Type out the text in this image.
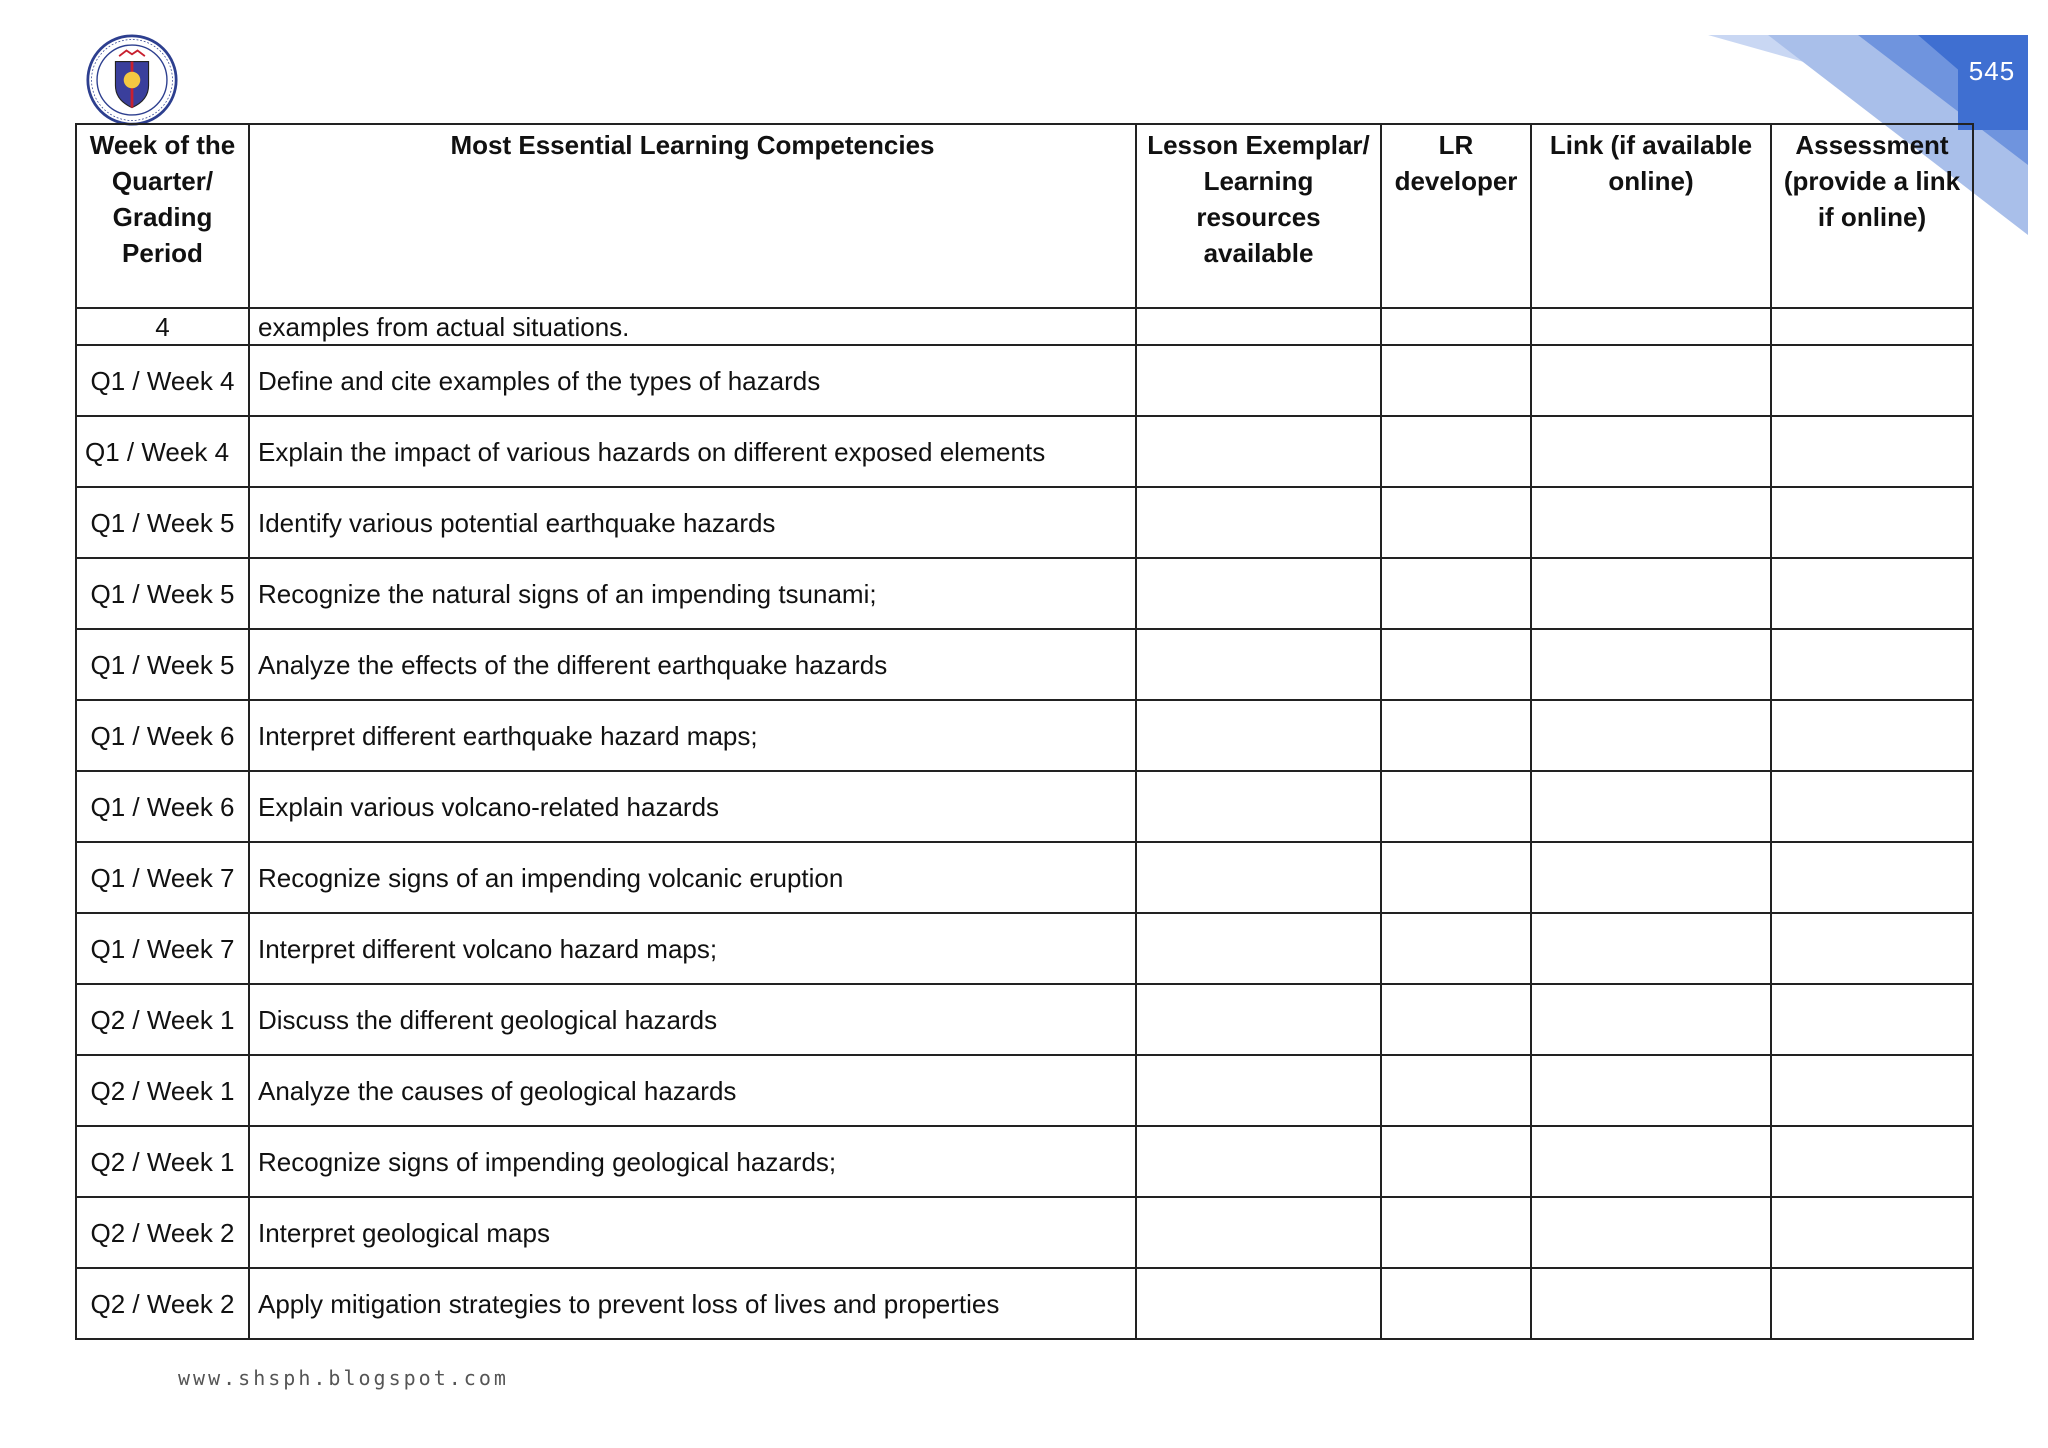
545
Week of the Quarter/ Grading Period	Most Essential Learning Competencies	Lesson Exemplar/ Learning resources available	LR developer	Link (if available online)	Assessment (provide a link if online)
4	examples from actual situations.				
Q1 / Week 4	Define and cite examples of the types of hazards				
Q1 / Week 4	Explain the impact of various hazards on different exposed elements				
Q1 / Week 5	Identify various potential earthquake hazards				
Q1 / Week 5	Recognize the natural signs of an impending tsunami;				
Q1 / Week 5	Analyze the effects of the different earthquake hazards				
Q1 / Week 6	Interpret different earthquake hazard maps;				
Q1 / Week 6	Explain various volcano-related hazards				
Q1 / Week 7	Recognize signs of an impending volcanic eruption				
Q1 / Week 7	Interpret different volcano hazard maps;				
Q2 / Week 1	Discuss the different geological hazards				
Q2 / Week 1	Analyze the causes of geological hazards				
Q2 / Week 1	Recognize signs of impending geological hazards;				
Q2 / Week 2	Interpret geological maps				
Q2 / Week 2	Apply mitigation strategies to prevent loss of lives and properties				
www.shsph.blogspot.com
